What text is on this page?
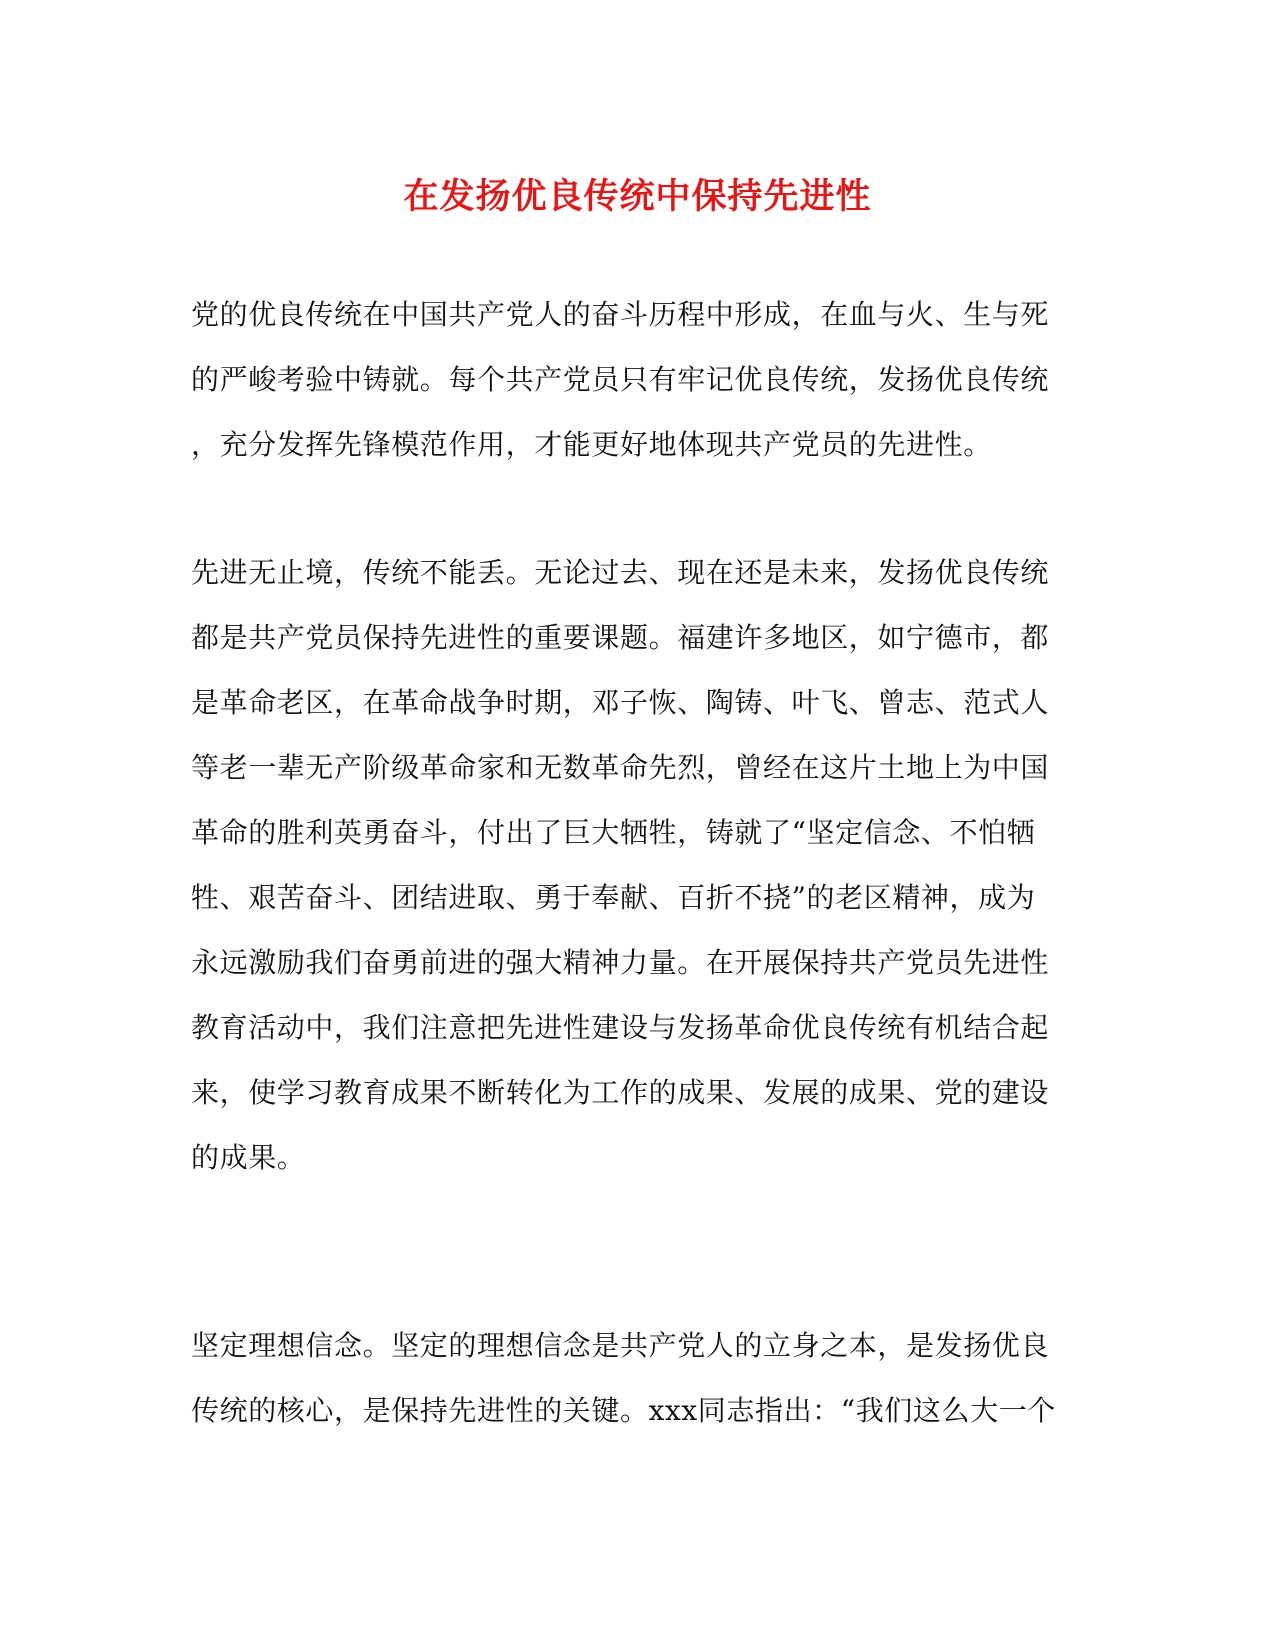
在发扬优良传统中保持先进性
党的优良传统在中国共产党人的奋斗历程中形成，在血与火、生与死
的严峻考验中铸就。每个共产党员只有牢记优良传统，发扬优良传统
，充分发挥先锋模范作用，才能更好地体现共产党员的先进性。
先进无止境，传统不能丢。无论过去、现在还是未来，发扬优良传统
都是共产党员保持先进性的重要课题。福建许多地区，如宁德市，都
是革命老区，在革命战争时期，邓子恢、陶铸、叶飞、曾志、范式人
等老一辈无产阶级革命家和无数革命先烈，曾经在这片土地上为中国
革命的胜利英勇奋斗，付出了巨大牺牲，铸就了“坚定信念、不怕牺
牲、艰苦奋斗、团结进取、勇于奉献、百折不挠”的老区精神，成为
永远激励我们奋勇前进的强大精神力量。在开展保持共产党员先进性
教育活动中，我们注意把先进性建设与发扬革命优良传统有机结合起
来，使学习教育成果不断转化为工作的成果、发展的成果、党的建设
的成果。
坚定理想信念。坚定的理想信念是共产党人的立身之本，是发扬优良
传统的核心，是保持先进性的关键。xxx同志指出：“我们这么大一个
